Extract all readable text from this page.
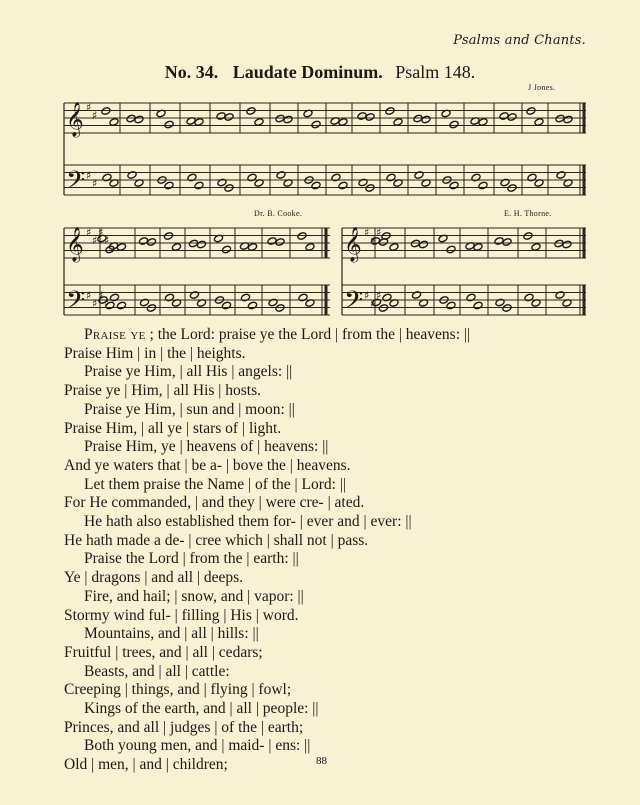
Psalms and Chants.
No. 34. Laudate Dominum. Psalm 148.
J Jones.
Dr. B. Cooke.	E. H. Thorne.
𝄞
𝄢
♯
♯
♯
♯
𝄞
𝄢
♯
♯
♯
♯
♯
♯
♯
♯
𝄞
𝄢
♯
♯
♯
♯
♯
♯
Praise ye ; the Lord: praise ye the Lord | from the | heavens: ||
Praise Him | in | the | heights.
Praise ye Him, | all His | angels: ||
Praise ye | Him, | all His | hosts.
Praise ye Him, | sun and | moon: ||
Praise Him, | all ye | stars of | light.
Praise Him, ye | heavens of | heavens: ||
And ye waters that | be a- | bove the | heavens.
Let them praise the Name | of the | Lord: ||
For He commanded, | and they | were cre- | ated.
He hath also established them for- | ever and | ever: ||
He hath made a de- | cree which | shall not | pass.
Praise the Lord | from the | earth: ||
Ye | dragons | and all | deeps.
Fire, and hail; | snow, and | vapor: ||
Stormy wind ful- | filling | His | word.
Mountains, and | all | hills: ||
Fruitful | trees, and | all | cedars;
Beasts, and | all | cattle:
Creeping | things, and | flying | fowl;
Kings of the earth, and | all | people: ||
Princes, and all | judges | of the | earth;
Both young men, and | maid- | ens: ||
Old | men, | and | children;	88
